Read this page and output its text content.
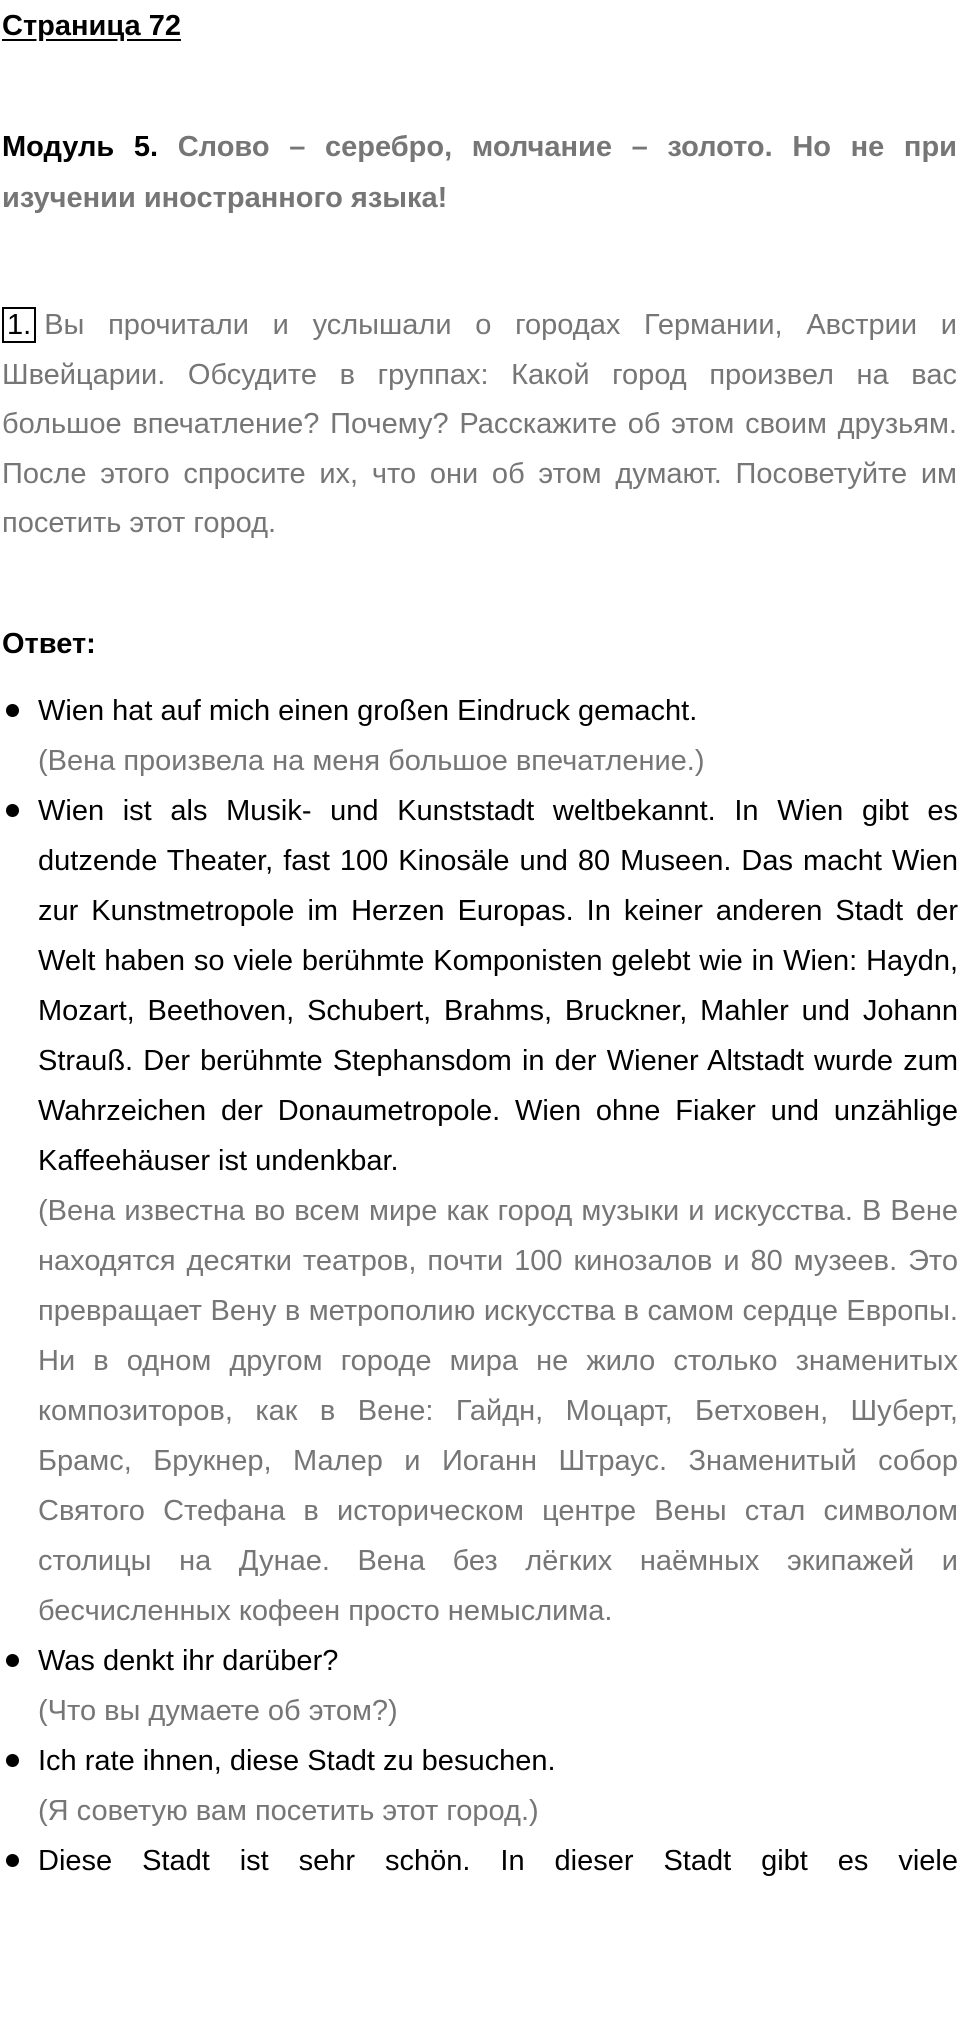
Страница 72
Модуль 5. Слово – серебро, молчание – золото. Но не при изучении иностранного языка!

1. Вы прочитали и услышали о городах Германии, Австрии и Швейцарии. Обсудите в группах: Какой город произвел на вас большое впечатление? Почему? Расскажите об этом своим друзьям. После этого спросите их, что они об этом думают. Посоветуйте им посетить этот город.

Ответ:

Wien hat auf mich einen großen Eindruck gemacht.

(Вена произвела на меня большое впечатление.)

Wien ist als Musik- und Kunststadt weltbekannt. In Wien gibt es dutzende Theater, fast 100 Kinosäle und 80 Museen. Das macht Wien zur Kunstmetropole im Herzen Europas. In keiner anderen Stadt der Welt haben so viele berühmte Komponisten gelebt wie in Wien: Haydn, Mozart, Beethoven, Schubert, Brahms, Bruckner, Mahler und Johann Strauß. Der berühmte Stephansdom in der Wiener Altstadt wurde zum Wahrzeichen der Donaumetropole. Wien ohne Fiaker und unzählige Kaffeehäuser ist undenkbar.

(Вена известна во всем мире как город музыки и искусства. В Вене находятся десятки театров, почти 100 кинозалов и 80 музеев. Это превращает Вену в метрополию искусства в самом сердце Европы. Ни в одном другом городе мира не жило столько знаменитых композиторов, как в Вене: Гайдн, Моцарт, Бетховен, Шуберт, Брамс, Брукнер, Малер и Иоганн Штраус. Знаменитый собор Святого Стефана в историческом центре Вены стал символом столицы на Дунае. Вена без лёгких наёмных экипажей и бесчисленных кофеен просто немыслима.

Was denkt ihr darüber?

(Что вы думаете об этом?)

Ich rate ihnen, diese Stadt zu besuchen.

(Я советую вам посетить этот город.)

Diese Stadt ist sehr schön. In dieser Stadt gibt es viele
